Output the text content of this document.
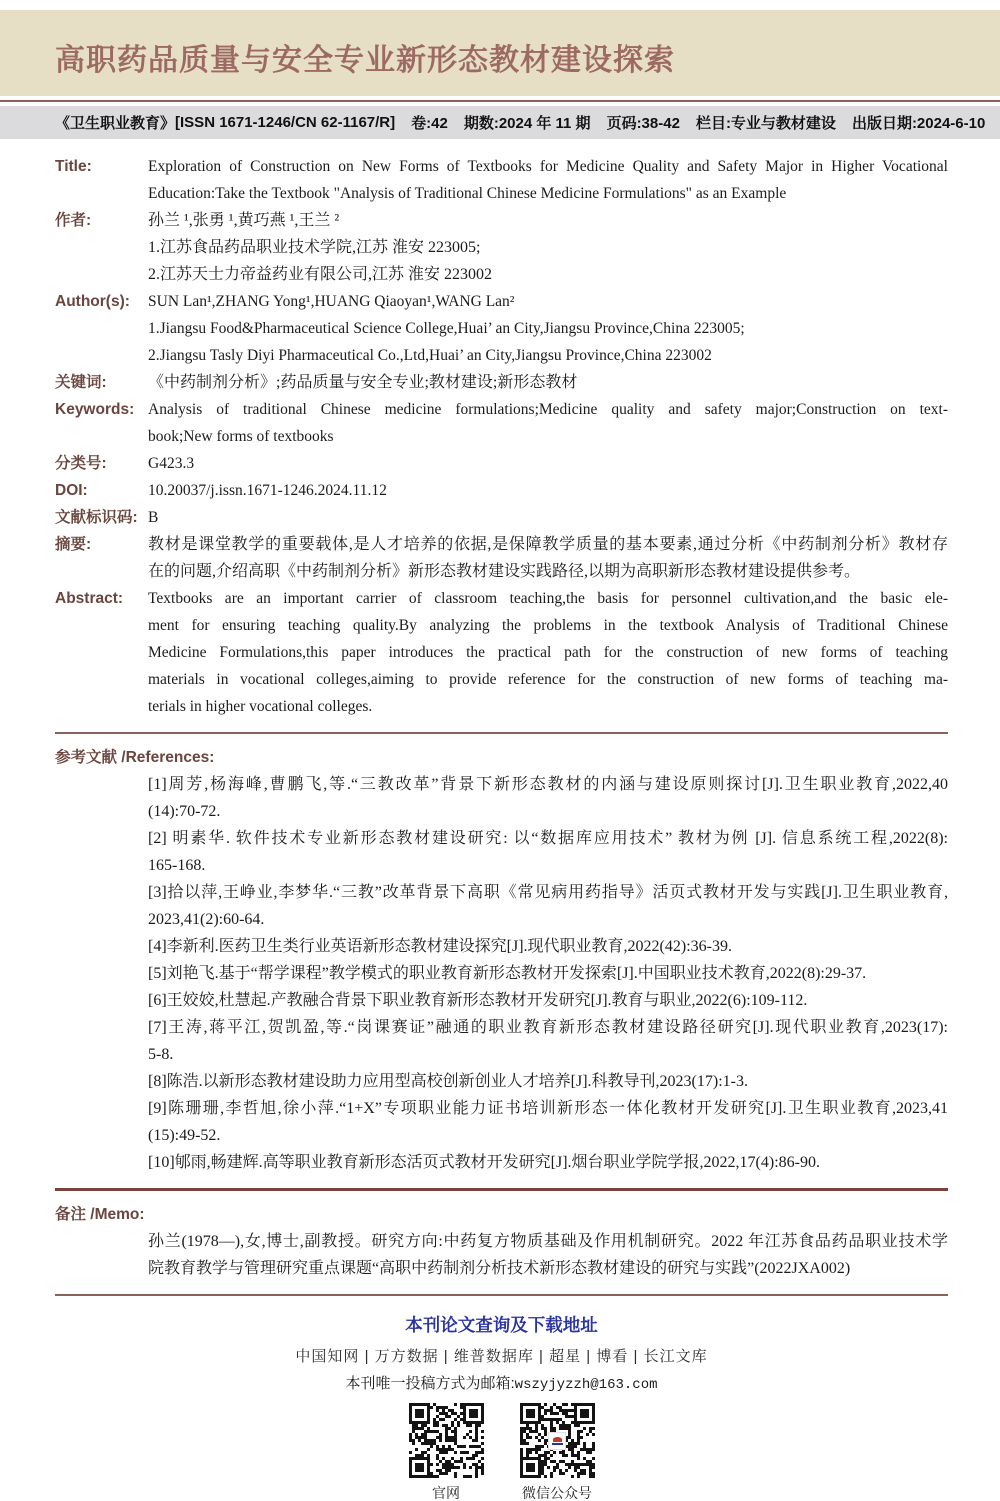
高职药品质量与安全专业新形态教材建设探索
《卫生职业教育》 [ISSN 1671-1246/CN 62-1167/R] 卷:42 期数:2024 年 11 期 页码:38-42 栏目:专业与教材建设 出版日期:2024-6-10
Title:	Exploration of Construction on New Forms of Textbooks for Medicine Quality and Safety Major in Higher Vocational
Education:Take the Textbook "Analysis of Traditional Chinese Medicine Formulations" as an Example
作者:	孙兰 ¹,张勇 ¹,黄巧燕 ¹,王兰 ²
1.江苏食品药品职业技术学院,江苏 淮安 223005;
2.江苏天士力帝益药业有限公司,江苏 淮安 223002
Author(s):	SUN Lan¹,ZHANG Yong¹,HUANG Qiaoyan¹,WANG Lan²
1.Jiangsu Food&Pharmaceutical Science College,Huai’ an City,Jiangsu Province,China 223005;
2.Jiangsu Tasly Diyi Pharmaceutical Co.,Ltd,Huai’ an City,Jiangsu Province,China 223002
关键词:	《中药制剂分析》;药品质量与安全专业;教材建设;新形态教材
Keywords: Analysis of traditional Chinese medicine formulations;Medicine quality and safety major;Construction on text-
book;New forms of textbooks
分类号:	G423.3
DOI:	10.20037/j.issn.1671-1246.2024.11.12
文献标识码: B
摘要:	教材是课堂教学的重要载体,是人才培养的依据,是保障教学质量的基本要素,通过分析《中药制剂分析》教材存
在的问题,介绍高职《中药制剂分析》新形态教材建设实践路径,以期为高职新形态教材建设提供参考。
Abstract:	Textbooks are an important carrier of classroom teaching,the basis for personnel cultivation,and the basic ele-
ment for ensuring teaching quality.By analyzing the problems in the textbook Analysis of Traditional Chinese
Medicine Formulations,this paper introduces the practical path for the construction of new forms of teaching
materials in vocational colleges,aiming to provide reference for the construction of new forms of teaching ma-
terials in higher vocational colleges.
参考文献 /References:
[1]周芳,杨海峰,曹鹏飞,等.“三教改革”背景下新形态教材的内涵与建设原则探讨[J].卫生职业教育,2022,40
(14):70-72.
[2] 明素华. 软件技术专业新形态教材建设研究: 以“数据库应用技术” 教材为例 [J]. 信息系统工程,2022(8):
165-168.
[3]拾以萍,王峥业,李梦华.“三教”改革背景下高职《常见病用药指导》活页式教材开发与实践[J].卫生职业教育,
2023,41(2):60-64.
[4]李新利.医药卫生类行业英语新形态教材建设探究[J].现代职业教育,2022(42):36-39.
[5]刘艳飞.基于“帮学课程”教学模式的职业教育新形态教材开发探索[J].中国职业技术教育,2022(8):29-37.
[6]王姣姣,杜慧起.产教融合背景下职业教育新形态教材开发研究[J].教育与职业,2022(6):109-112.
[7]王涛,蒋平江,贺凯盈,等.“岗课赛证”融通的职业教育新形态教材建设路径研究[J].现代职业教育,2023(17):
5-8.
[8]陈浩.以新形态教材建设助力应用型高校创新创业人才培养[J].科教导刊,2023(17):1-3.
[9]陈珊珊,李哲旭,徐小萍.“1+X”专项职业能力证书培训新形态一体化教材开发研究[J].卫生职业教育,2023,41
(15):49-52.
[10]郇雨,畅建辉.高等职业教育新形态活页式教材开发研究[J].烟台职业学院学报,2022,17(4):86-90.
备注 /Memo:
孙兰(1978—),女,博士,副教授。研究方向:中药复方物质基础及作用机制研究。2022 年江苏食品药品职业技术学
院教育教学与管理研究重点课题“高职中药制剂分析技术新形态教材建设的研究与实践”(2022JXA002)
本刊论文查询及下载地址
中国知网 | 万方数据 | 维普数据库 | 超星 | 博看 | 长江文库
本刊唯一投稿方式为邮箱:wszyjyzzh@163.com
官网	微信公众号
